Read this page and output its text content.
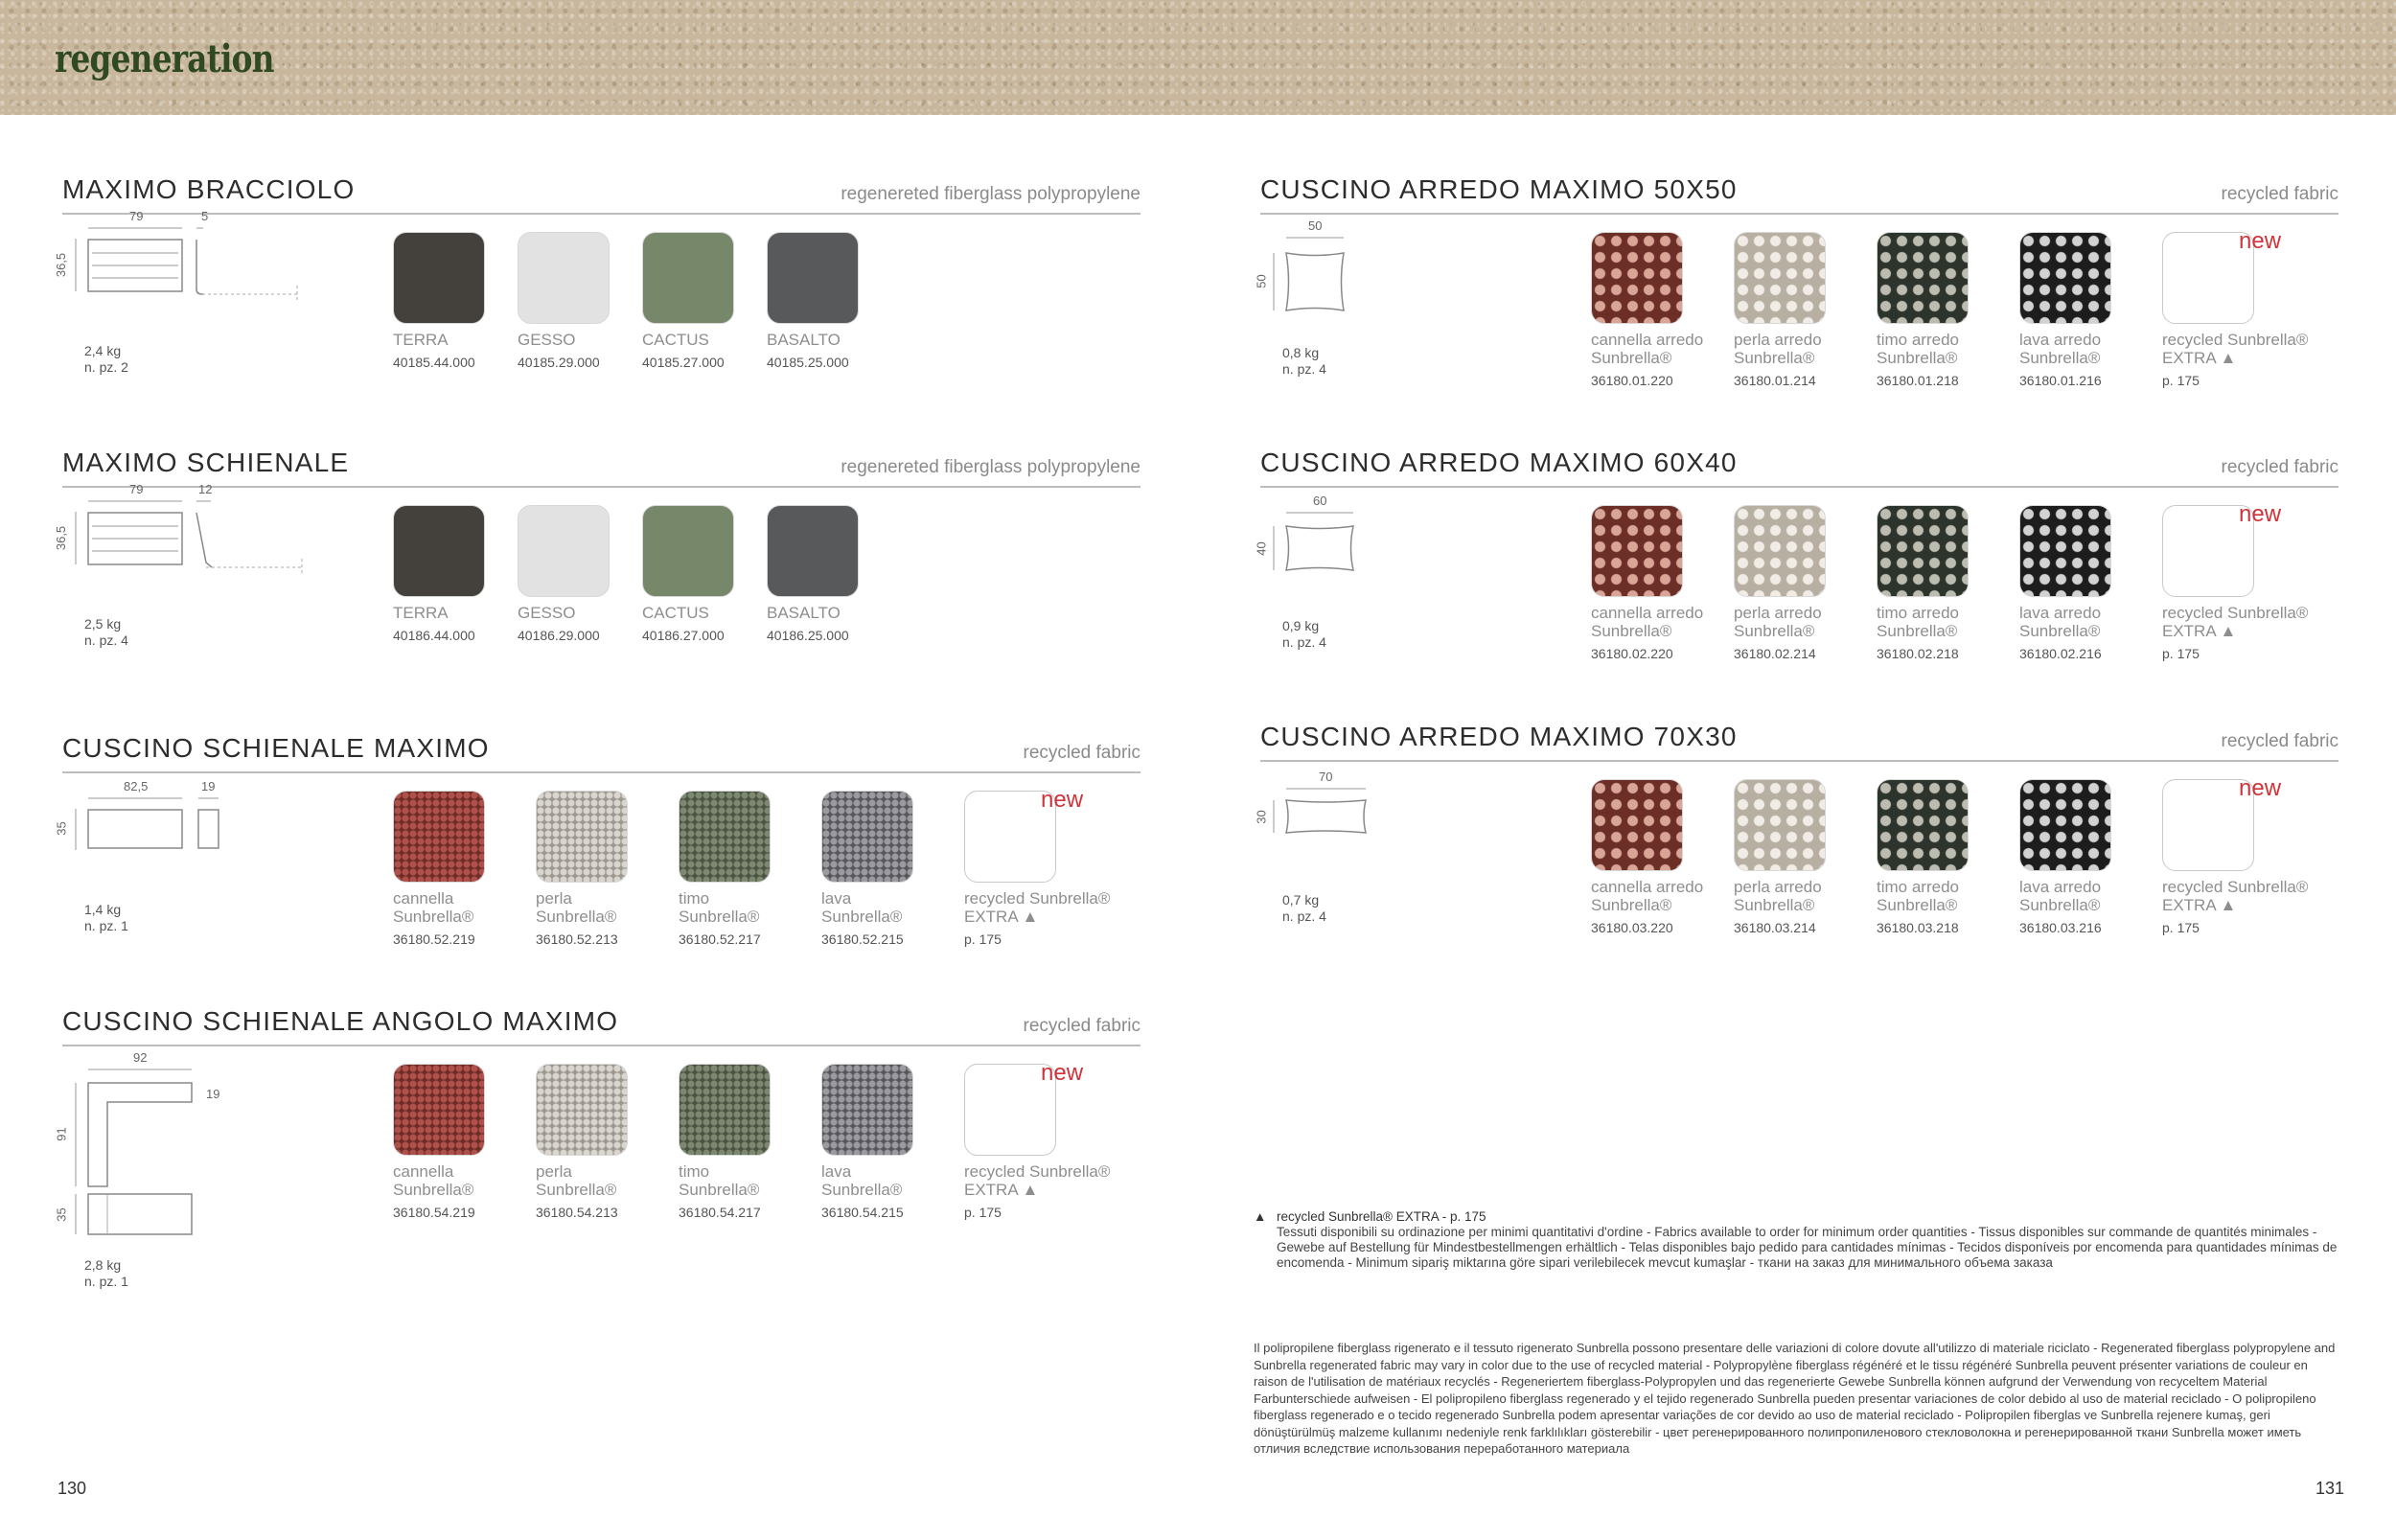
regeneration
MAXIMO BRACCIOLO	regenereted fiberglass polypropylene
79	5
36,5
2,4 kg
n. pz. 2
TERRA
40185.44.000
GESSO
40185.29.000
CACTUS
40185.27.000
BASALTO
40185.25.000
MAXIMO SCHIENALE	regenereted fiberglass polypropylene
79	12
36,5
2,5 kg
n. pz. 4
TERRA
40186.44.000
GESSO
40186.29.000
CACTUS
40186.27.000
BASALTO
40186.25.000
CUSCINO SCHIENALE MAXIMO	recycled fabric
82,5	19
35
1,4 kg
n. pz. 1
cannella
Sunbrella®
36180.52.219
perla
Sunbrella®
36180.52.213
timo
Sunbrella®
36180.52.217
lava
Sunbrella®
36180.52.215
new
recycled Sunbrella®
EXTRA ▲
p. 175
CUSCINO SCHIENALE ANGOLO MAXIMO	recycled fabric
92
19
91
35
2,8 kg
n. pz. 1
cannella
Sunbrella®
36180.54.219
perla
Sunbrella®
36180.54.213
timo
Sunbrella®
36180.54.217
lava
Sunbrella®
36180.54.215
new
recycled Sunbrella®
EXTRA ▲
p. 175
CUSCINO ARREDO MAXIMO 50X50	recycled fabric
50
50
0,8 kg
n. pz. 4
cannella arredo
Sunbrella®
36180.01.220
perla arredo
Sunbrella®
36180.01.214
timo arredo
Sunbrella®
36180.01.218
lava arredo
Sunbrella®
36180.01.216
new
recycled Sunbrella®
EXTRA ▲
p. 175
CUSCINO ARREDO MAXIMO 60X40	recycled fabric
60
40
0,9 kg
n. pz. 4
cannella arredo
Sunbrella®
36180.02.220
perla arredo
Sunbrella®
36180.02.214
timo arredo
Sunbrella®
36180.02.218
lava arredo
Sunbrella®
36180.02.216
new
recycled Sunbrella®
EXTRA ▲
p. 175
CUSCINO ARREDO MAXIMO 70X30	recycled fabric
70
30
0,7 kg
n. pz. 4
cannella arredo
Sunbrella®
36180.03.220
perla arredo
Sunbrella®
36180.03.214
timo arredo
Sunbrella®
36180.03.218
lava arredo
Sunbrella®
36180.03.216
new
recycled Sunbrella®
EXTRA ▲
p. 175
▲ recycled Sunbrella® EXTRA - p. 175
Tessuti disponibili su ordinazione per minimi quantitativi d'ordine - Fabrics available to order for minimum order quantities - Tissus disponibles sur commande de quantités minimales - Gewebe auf Bestellung für Mindestbestellmengen erhältlich - Telas disponibles bajo pedido para cantidades mínimas - Tecidos disponíveis por encomenda para quantidades mínimas de encomenda - Minimum sipariş miktarına göre sipari verilebilecek mevcut kumaşlar - ткани на заказ для минимального объема заказа
Il polipropilene fiberglass rigenerato e il tessuto rigenerato Sunbrella possono presentare delle variazioni di colore dovute all'utilizzo di materiale riciclato - Regenerated fiberglass polypropylene and Sunbrella regenerated fabric may vary in color due to the use of recycled material - Polypropylène fiberglass régénéré et le tissu régénéré Sunbrella peuvent présenter variations de couleur en raison de l'utilisation de matériaux recyclés - Regeneriertem fiberglass-Polypropylen und das regenerierte Gewebe Sunbrella können aufgrund der Verwendung von recyceltem Material Farbunterschiede aufweisen - El polipropileno fiberglass regenerado y el tejido regenerado Sunbrella pueden presentar variaciones de color debido al uso de material reciclado - O polipropileno fiberglass regenerado e o tecido regenerado Sunbrella podem apresentar variações de cor devido ao uso de material reciclado - Polipropilen fiberglas ve Sunbrella rejenere kumaş, geri dönüştürülmüş malzeme kullanımı nedeniyle renk farklılıkları gösterebilir - цвет регенерированного полипропиленового стекловолокна и регенерированной ткани Sunbrella может иметь отличия вследствие использования переработанного материала
130	131
